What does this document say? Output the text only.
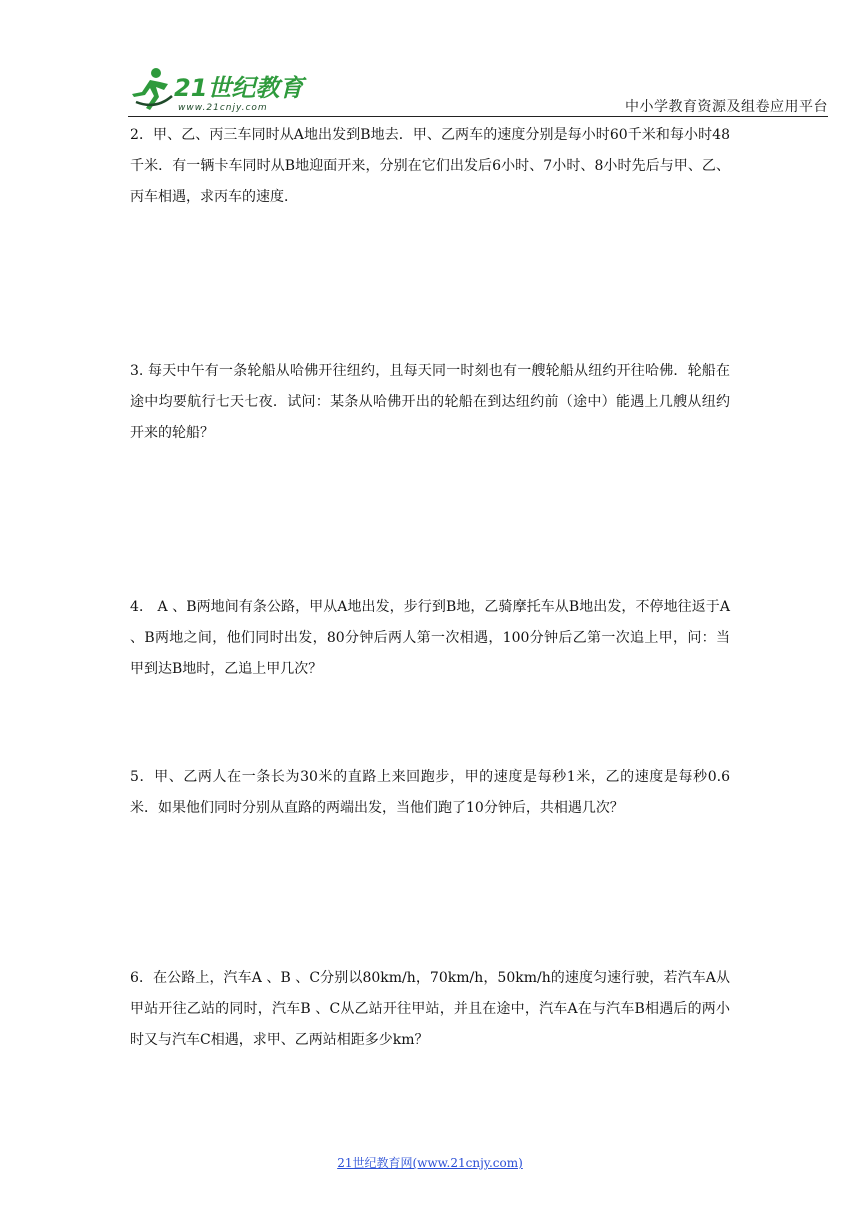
21世纪教育
www.21cnjy.com	中小学教育资源及组卷应用平台
2．甲、乙、丙三车同时从A地出发到B地去．甲、乙两车的速度分别是每小时60千米和每小时48千米．有一辆卡车同时从B地迎面开来，分别在它们出发后6小时、7小时、8小时先后与甲、乙、丙车相遇，求丙车的速度．
3. 每天中午有一条轮船从哈佛开往纽约，且每天同一时刻也有一艘轮船从纽约开往哈佛．轮船在途中均要航行七天七夜．试问：某条从哈佛开出的轮船在到达纽约前（途中）能遇上几艘从纽约开来的轮船？
4． A 、B两地间有条公路，甲从A地出发，步行到B地，乙骑摩托车从B地出发，不停地往返于A 、B两地之间，他们同时出发，80分钟后两人第一次相遇，100分钟后乙第一次追上甲，问：当甲到达B地时，乙追上甲几次？
5．甲、乙两人在一条长为30米的直路上来回跑步，甲的速度是每秒1米，乙的速度是每秒0.6米．如果他们同时分别从直路的两端出发，当他们跑了10分钟后，共相遇几次？
6．在公路上，汽车A 、B 、C分别以80km/h，70km/h，50km/h的速度匀速行驶，若汽车A从甲站开往乙站的同时，汽车B 、C从乙站开往甲站，并且在途中，汽车A在与汽车B相遇后的两小时又与汽车C相遇，求甲、乙两站相距多少km？
21世纪教育网(www.21cnjy.com)
